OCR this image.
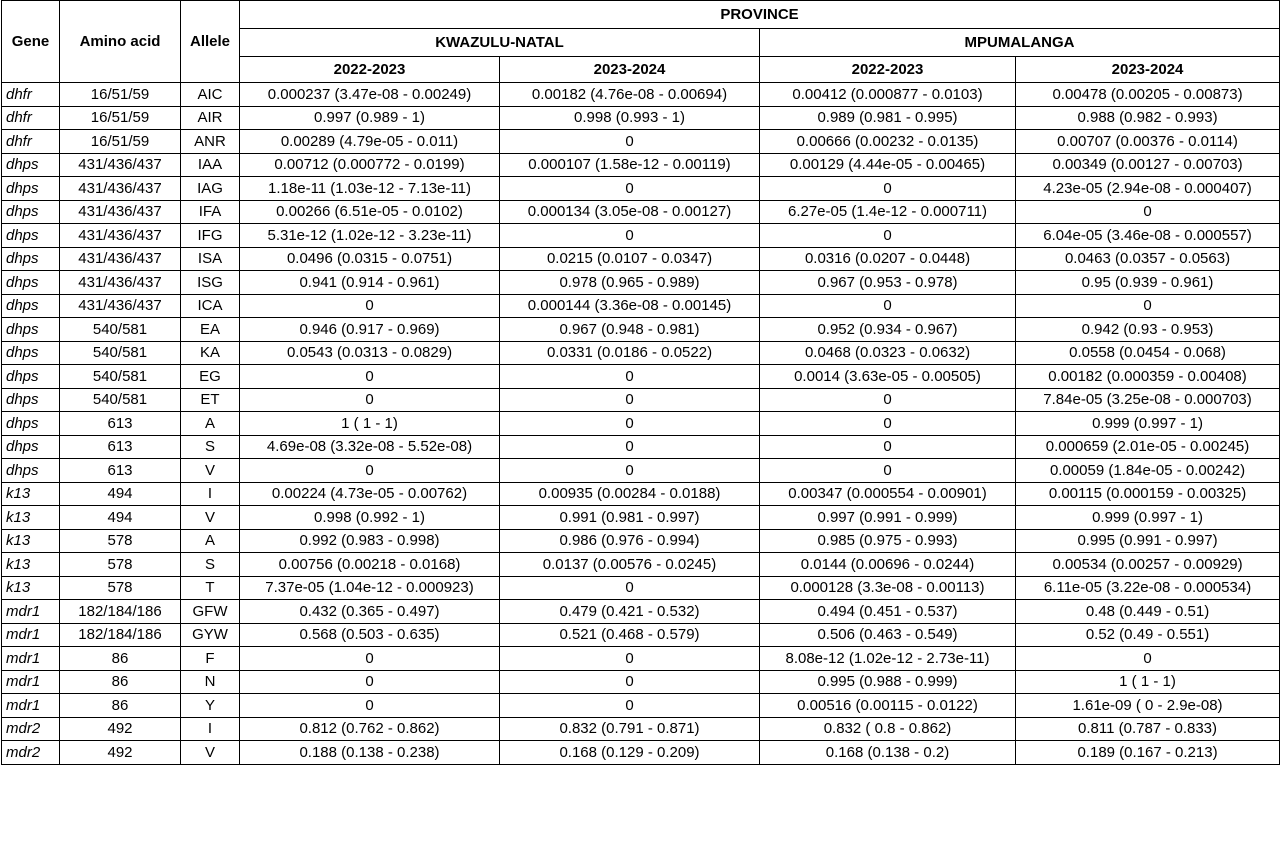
Gene	Amino acid	Allele	PROVINCE			
			KWAZULU-NATAL		MPUMALANGA	
			2022-2023	2023-2024	2022-2023	2023-2024
dhfr	16/51/59	AIC	0.000237 (3.47e-08 - 0.00249)	0.00182 (4.76e-08 - 0.00694)	0.00412 (0.000877 - 0.0103)	0.00478 (0.00205 - 0.00873)
dhfr	16/51/59	AIR	0.997 (0.989 - 1)	0.998 (0.993 - 1)	0.989 (0.981 - 0.995)	0.988 (0.982 - 0.993)
dhfr	16/51/59	ANR	0.00289 (4.79e-05 - 0.011)	0	0.00666 (0.00232 - 0.0135)	0.00707 (0.00376 - 0.0114)
dhps	431/436/437	IAA	0.00712 (0.000772 - 0.0199)	0.000107 (1.58e-12 - 0.00119)	0.00129 (4.44e-05 - 0.00465)	0.00349 (0.00127 - 0.00703)
dhps	431/436/437	IAG	1.18e-11 (1.03e-12 - 7.13e-11)	0	0	4.23e-05 (2.94e-08 - 0.000407)
dhps	431/436/437	IFA	0.00266 (6.51e-05 - 0.0102)	0.000134 (3.05e-08 - 0.00127)	6.27e-05 (1.4e-12 - 0.000711)	0
dhps	431/436/437	IFG	5.31e-12 (1.02e-12 - 3.23e-11)	0	0	6.04e-05 (3.46e-08 - 0.000557)
dhps	431/436/437	ISA	0.0496 (0.0315 - 0.0751)	0.0215 (0.0107 - 0.0347)	0.0316 (0.0207 - 0.0448)	0.0463 (0.0357 - 0.0563)
dhps	431/436/437	ISG	0.941 (0.914 - 0.961)	0.978 (0.965 - 0.989)	0.967 (0.953 - 0.978)	0.95 (0.939 - 0.961)
dhps	431/436/437	ICA	0	0.000144 (3.36e-08 - 0.00145)	0	0
dhps	540/581	EA	0.946 (0.917 - 0.969)	0.967 (0.948 - 0.981)	0.952 (0.934 - 0.967)	0.942 (0.93 - 0.953)
dhps	540/581	KA	0.0543 (0.0313 - 0.0829)	0.0331 (0.0186 - 0.0522)	0.0468 (0.0323 - 0.0632)	0.0558 (0.0454 - 0.068)
dhps	540/581	EG	0	0	0.0014 (3.63e-05 - 0.00505)	0.00182 (0.000359 - 0.00408)
dhps	540/581	ET	0	0	0	7.84e-05 (3.25e-08 - 0.000703)
dhps	613	A	1 ( 1 - 1)	0	0	0.999 (0.997 - 1)
dhps	613	S	4.69e-08 (3.32e-08 - 5.52e-08)	0	0	0.000659 (2.01e-05 - 0.00245)
dhps	613	V	0	0	0	0.00059 (1.84e-05 - 0.00242)
k13	494	I	0.00224 (4.73e-05 - 0.00762)	0.00935 (0.00284 - 0.0188)	0.00347 (0.000554 - 0.00901)	0.00115 (0.000159 - 0.00325)
k13	494	V	0.998 (0.992 - 1)	0.991 (0.981 - 0.997)	0.997 (0.991 - 0.999)	0.999 (0.997 - 1)
k13	578	A	0.992 (0.983 - 0.998)	0.986 (0.976 - 0.994)	0.985 (0.975 - 0.993)	0.995 (0.991 - 0.997)
k13	578	S	0.00756 (0.00218 - 0.0168)	0.0137 (0.00576 - 0.0245)	0.0144 (0.00696 - 0.0244)	0.00534 (0.00257 - 0.00929)
k13	578	T	7.37e-05 (1.04e-12 - 0.000923)	0	0.000128 (3.3e-08 - 0.00113)	6.11e-05 (3.22e-08 - 0.000534)
mdr1	182/184/186	GFW	0.432 (0.365 - 0.497)	0.479 (0.421 - 0.532)	0.494 (0.451 - 0.537)	0.48 (0.449 - 0.51)
mdr1	182/184/186	GYW	0.568 (0.503 - 0.635)	0.521 (0.468 - 0.579)	0.506 (0.463 - 0.549)	0.52 (0.49 - 0.551)
mdr1	86	F	0	0	8.08e-12 (1.02e-12 - 2.73e-11)	0
mdr1	86	N	0	0	0.995 (0.988 - 0.999)	1 ( 1 - 1)
mdr1	86	Y	0	0	0.00516 (0.00115 - 0.0122)	1.61e-09 ( 0 - 2.9e-08)
mdr2	492	I	0.812 (0.762 - 0.862)	0.832 (0.791 - 0.871)	0.832 ( 0.8 - 0.862)	0.811 (0.787 - 0.833)
mdr2	492	V	0.188 (0.138 - 0.238)	0.168 (0.129 - 0.209)	0.168 (0.138 - 0.2)	0.189 (0.167 - 0.213)
